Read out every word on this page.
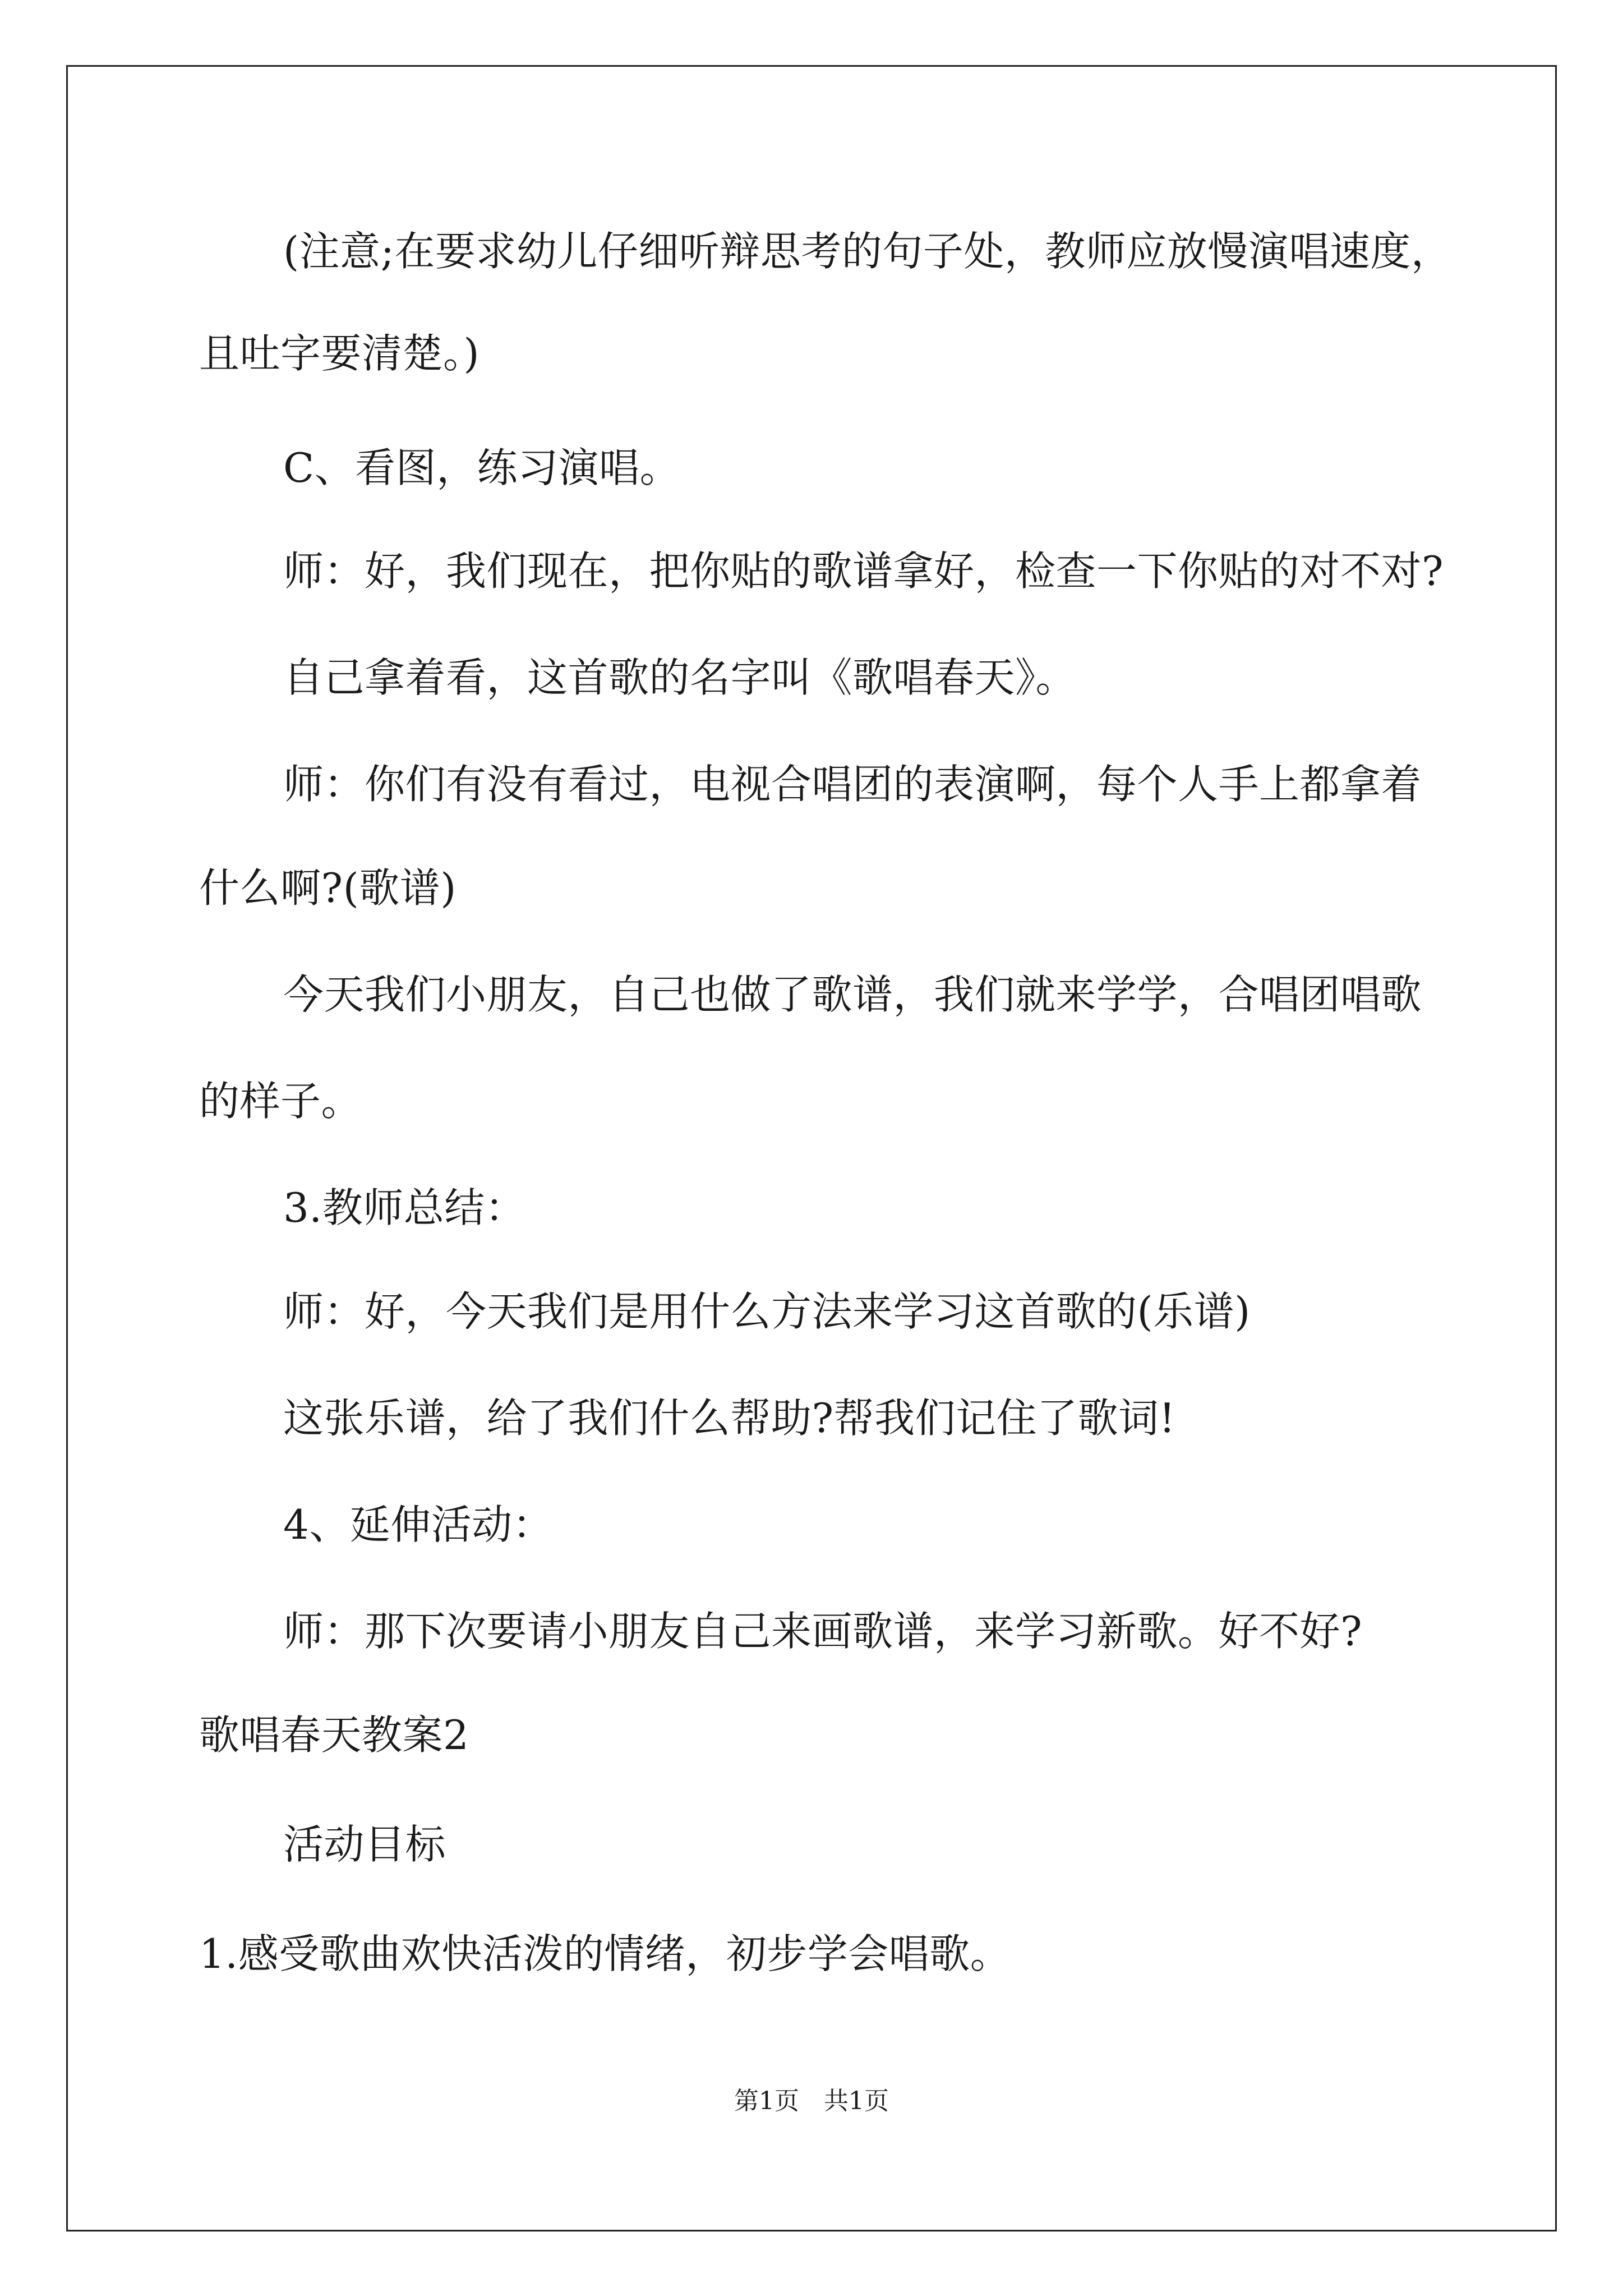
(注意;在要求幼儿仔细听辩思考的句子处，教师应放慢演唱速度，

且吐字要清楚。)

C、看图，练习演唱。

师：好，我们现在，把你贴的歌谱拿好，检查一下你贴的对不对?

自己拿着看，这首歌的名字叫《歌唱春天》。

师：你们有没有看过，电视合唱团的表演啊，每个人手上都拿着

什么啊?(歌谱)

今天我们小朋友，自己也做了歌谱，我们就来学学，合唱团唱歌

的样子。

3.教师总结：

师：好，今天我们是用什么方法来学习这首歌的(乐谱)

这张乐谱，给了我们什么帮助?帮我们记住了歌词!

4、延伸活动：

师：那下次要请小朋友自己来画歌谱，来学习新歌。好不好?

歌唱春天教案2

活动目标

1.感受歌曲欢快活泼的情绪，初步学会唱歌。

第1页　共1页
